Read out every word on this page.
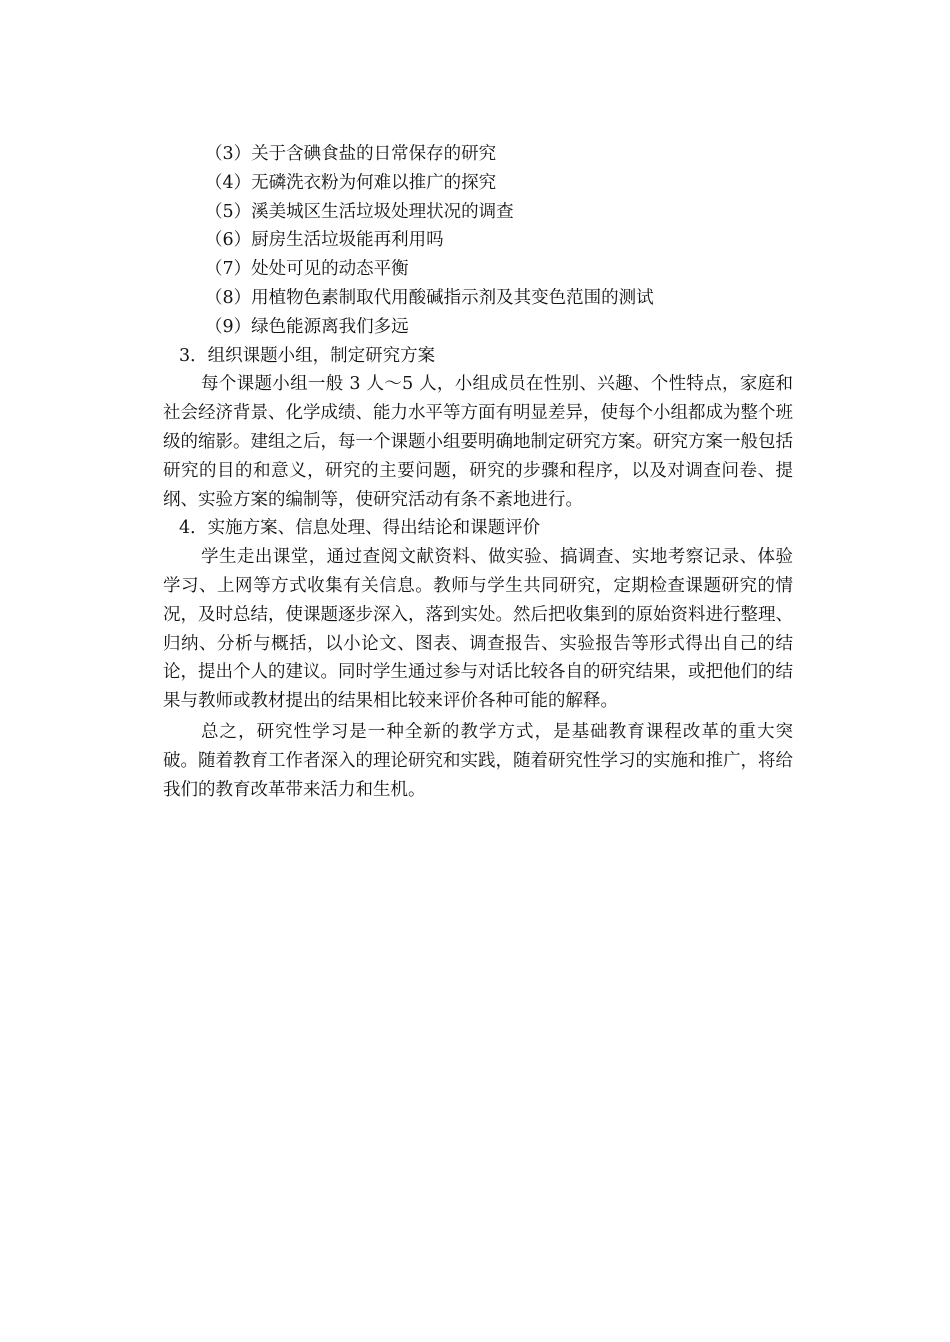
（3）关于含碘食盐的日常保存的研究
（4）无磷洗衣粉为何难以推广的探究
（5）溪美城区生活垃圾处理状况的调查
（6）厨房生活垃圾能再利用吗
（7）处处可见的动态平衡
（8）用植物色素制取代用酸碱指示剂及其变色范围的测试
（9）绿色能源离我们多远
3．组织课题小组，制定研究方案

每个课题小组一般 3 人～5 人，小组成员在性别、兴趣、个性特点，家庭和社会经济背景、化学成绩、能力水平等方面有明显差异，使每个小组都成为整个班级的缩影。建组之后，每一个课题小组要明确地制定研究方案。研究方案一般包括研究的目的和意义，研究的主要问题，研究的步骤和程序，以及对调查问卷、提纲、实验方案的编制等，使研究活动有条不紊地进行。

4．实施方案、信息处理、得出结论和课题评价

学生走出课堂，通过查阅文献资料、做实验、搞调查、实地考察记录、体验学习、上网等方式收集有关信息。教师与学生共同研究，定期检查课题研究的情况，及时总结，使课题逐步深入，落到实处。然后把收集到的原始资料进行整理、归纳、分析与概括，以小论文、图表、调查报告、实验报告等形式得出自己的结论，提出个人的建议。同时学生通过参与对话比较各自的研究结果，或把他们的结果与教师或教材提出的结果相比较来评价各种可能的解释。

总之，研究性学习是一种全新的教学方式，是基础教育课程改革的重大突破。随着教育工作者深入的理论研究和实践，随着研究性学习的实施和推广，将给我们的教育改革带来活力和生机。
